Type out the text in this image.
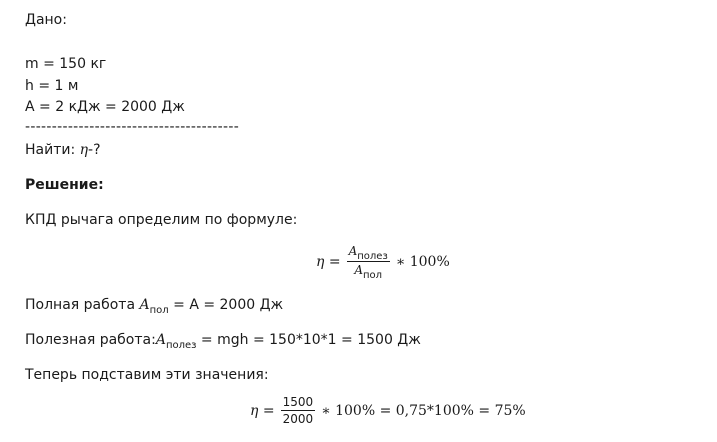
Дано:
m = 150 кг
h = 1 м
A = 2 кДж = 2000 Дж
----------------------------------------
Найти: η-?
Решение:
КПД рычага определим по формуле:
$\eta = \frac{A_{полез}}{A_{пол}}$ ∗ 100%
Полная работа $A_{пол} = A = 2000$ Дж
Полезная $работа:A_{полез}$ = mgh = 150*10*1 = 1500 Дж
Теперь подставим эти значения:
$\eta = \frac{1500}{2000}$ ∗ 100% = 0,75*100% = 75%
